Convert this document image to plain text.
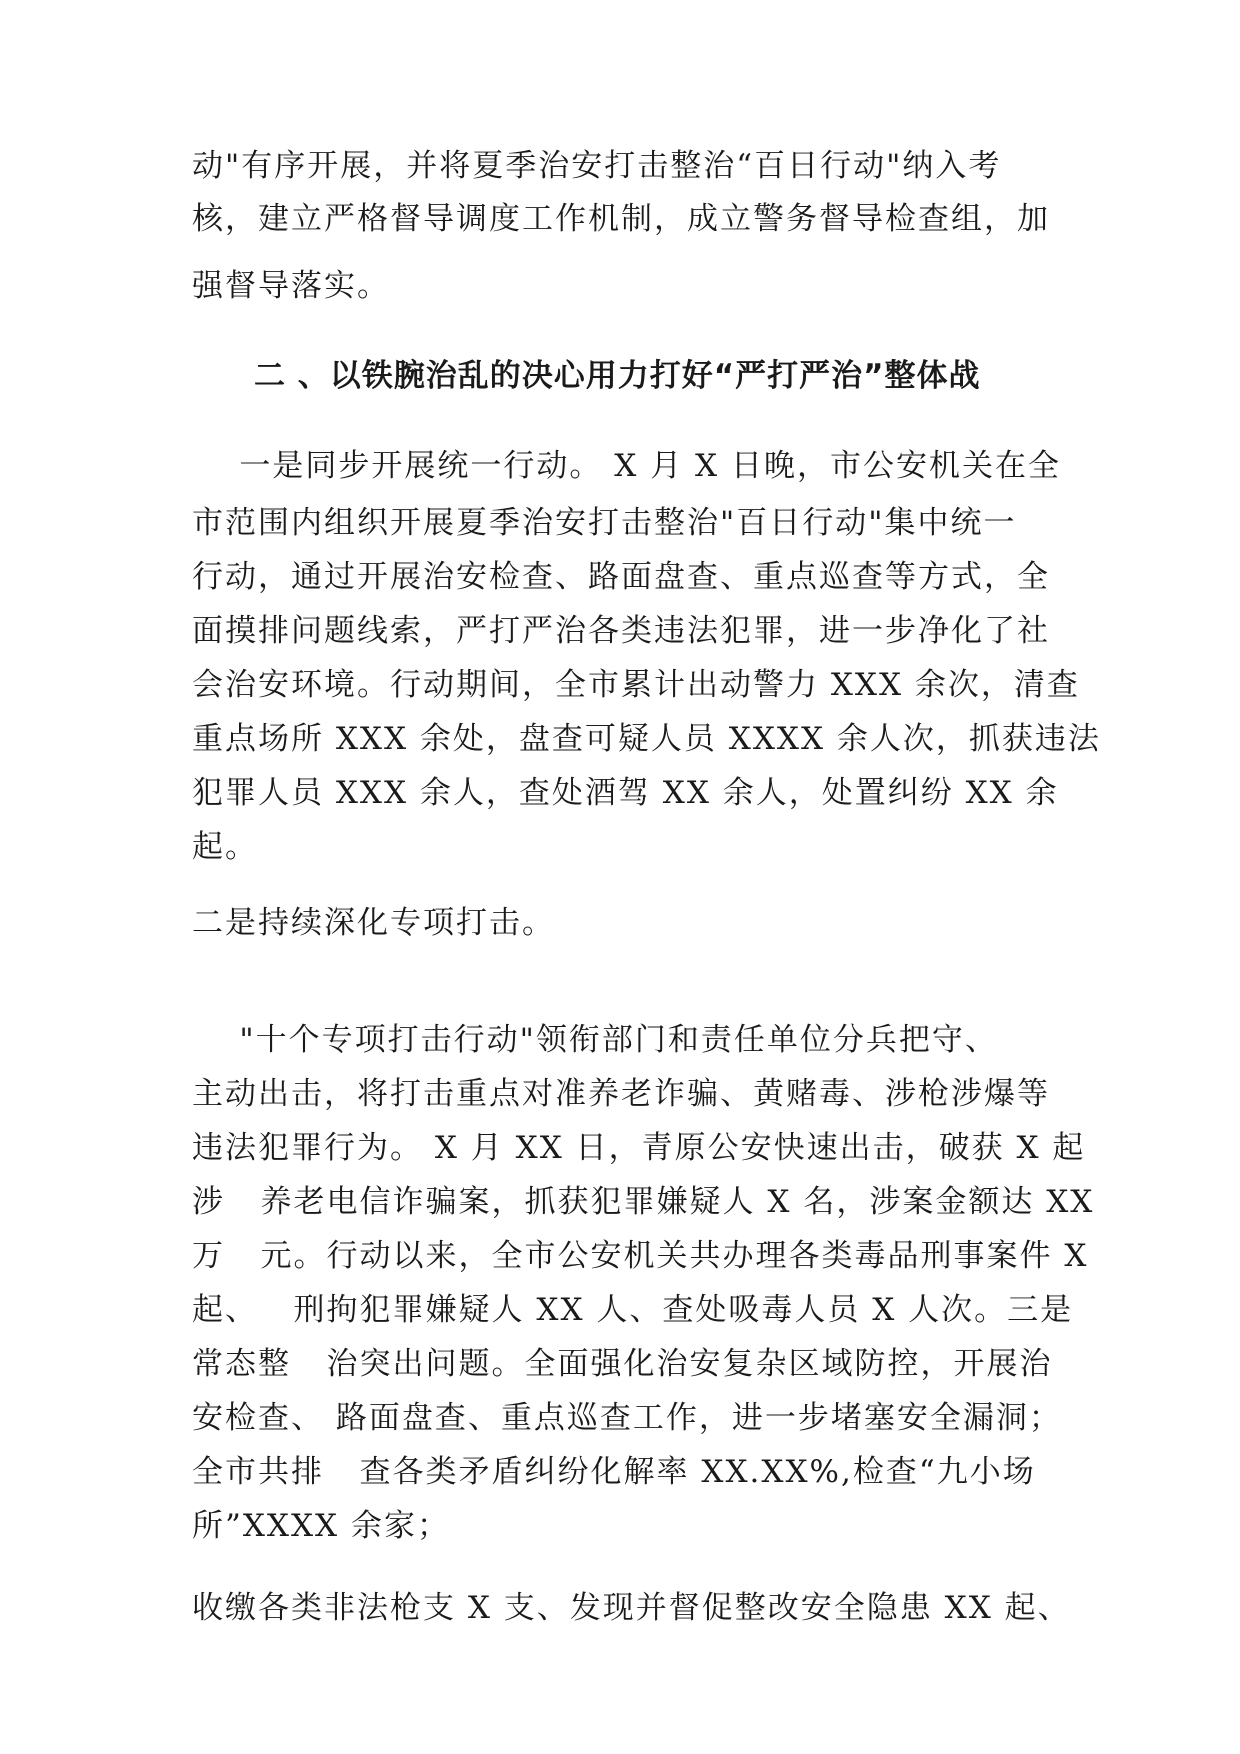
动"有序开展，并将夏季治安打击整治“百日行动"纳入考
核，建立严格督导调度工作机制，成立警务督导检查组，加
强督导落实。
二 、以铁腕治乱的决心用力打好“严打严治”整体战
一是同步开展统一行动。 X 月 X 日晚，市公安机关在全
市范围内组织开展夏季治安打击整治"百日行动"集中统一
行动，通过开展治安检查、路面盘查、重点巡查等方式，全
面摸排问题线索，严打严治各类违法犯罪，进一步净化了社
会治安环境。行动期间，全市累计出动警力 XXX 余次，清查
重点场所 XXX 余处，盘查可疑人员 XXXX 余人次，抓获违法
犯罪人员 XXX 余人，查处酒驾 XX 余人，处置纠纷 XX 余
起。
二是持续深化专项打击。
"十个专项打击行动"领衔部门和责任单位分兵把守、
主动出击，将打击重点对准养老诈骗、黄赌毒、涉枪涉爆等
违法犯罪行为。 X 月 XX 日，青原公安快速出击，破获 X 起
涉   养老电信诈骗案，抓获犯罪嫌疑人 X 名，涉案金额达 XX
万   元。行动以来，全市公安机关共办理各类毒品刑事案件 X
起、   刑拘犯罪嫌疑人 XX 人、查处吸毒人员 X 人次。三是
常态整   治突出问题。全面强化治安复杂区域防控，开展治
安检查、 路面盘查、重点巡查工作，进一步堵塞安全漏洞；
全市共排   查各类矛盾纠纷化解率 XX.XX%,检查“九小场
所”XXXX 余家；
收缴各类非法枪支 X 支、发现并督促整改安全隐患 XX 起、
